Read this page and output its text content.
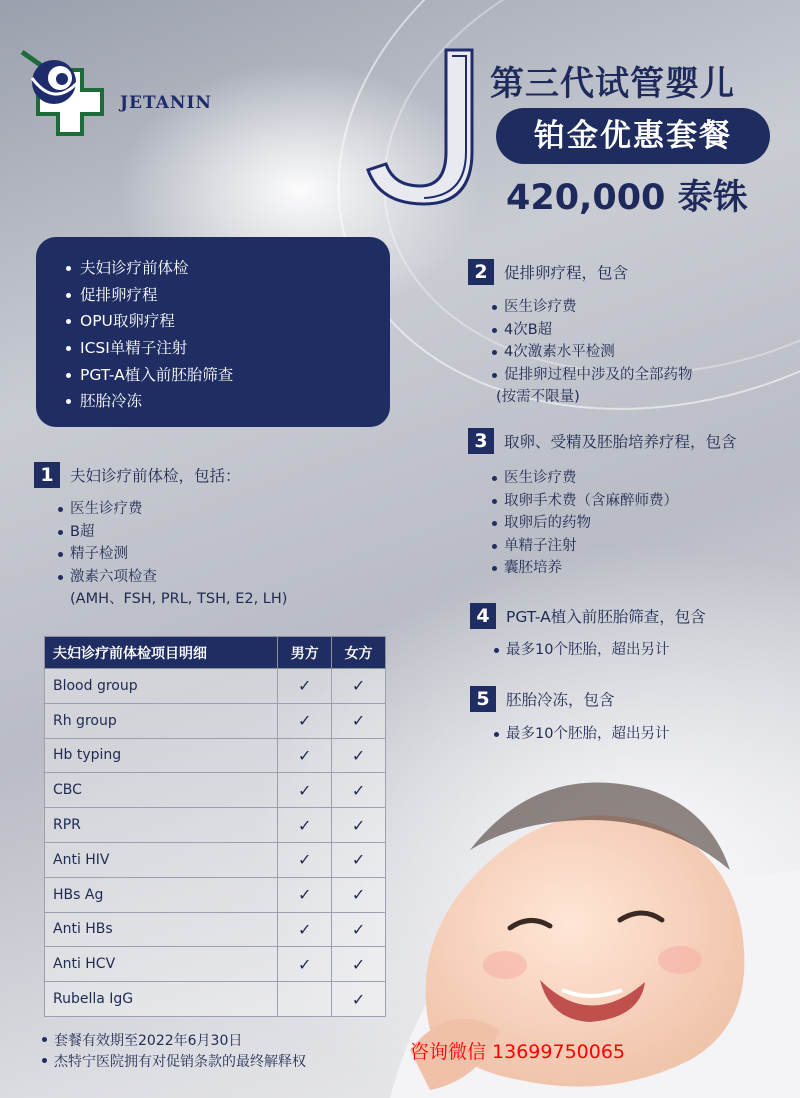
JETANIN	第三代试管婴儿
铂金优惠套餐
420,000 泰铢
夫妇诊疗前体检
促排卵疗程
OPU取卵疗程
ICSI单精子注射
PGT-A植入前胚胎筛查
胚胎冷冻
1	夫妇诊疗前体检，包括：
医生诊疗费
B超
精子检测
激素六项检查
(AMH、FSH, PRL, TSH, E2, LH)
2	促排卵疗程，包含
医生诊疗费
4次B超
4次激素水平检测
促排卵过程中涉及的全部药物
(按需不限量)
3	取卵、受精及胚胎培养疗程，包含
医生诊疗费
取卵手术费（含麻醉师费）
取卵后的药物
单精子注射
囊胚培养
4	PGT-A植入前胚胎筛查，包含
最多10个胚胎，超出另计
5	胚胎冷冻，包含
最多10个胚胎，超出另计
夫妇诊疗前体检项目明细	男方	女方
Blood group	✓	✓
Rh group	✓	✓
Hb typing	✓	✓
CBC	✓	✓
RPR	✓	✓
Anti HIV	✓	✓
HBs Ag	✓	✓
Anti HBs	✓	✓
Anti HCV	✓	✓
Rubella IgG		✓
套餐有效期至2022年6月30日
杰特宁医院拥有对促销条款的最终解释权	咨询微信 13699750065
